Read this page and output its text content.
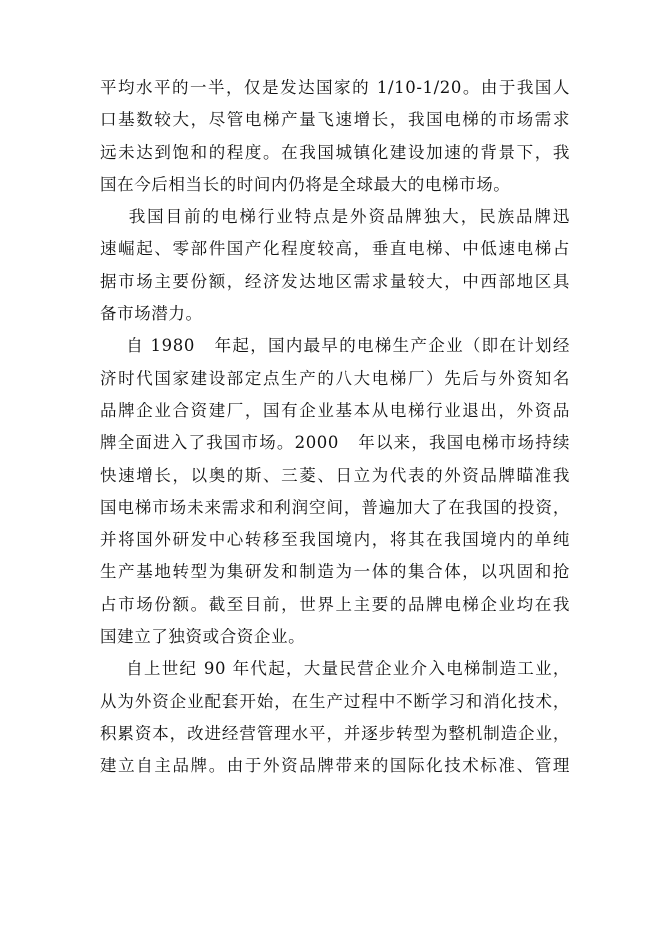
平均水平的一半，仅是发达国家的 1/10-1/20。由于我国人
口基数较大，尽管电梯产量飞速增长，我国电梯的市场需求
远未达到饱和的程度。在我国城镇化建设加速的背景下，我
国在今后相当长的时间内仍将是全球最大的电梯市场。
我国目前的电梯行业特点是外资品牌独大，民族品牌迅
速崛起、零部件国产化程度较高，垂直电梯、中低速电梯占
据市场主要份额，经济发达地区需求量较大，中西部地区具
备市场潜力。
自 1980   年起，国内最早的电梯生产企业（即在计划经
济时代国家建设部定点生产的八大电梯厂）先后与外资知名
品牌企业合资建厂，国有企业基本从电梯行业退出，外资品
牌全面进入了我国市场。2000   年以来，我国电梯市场持续
快速增长，以奥的斯、三菱、日立为代表的外资品牌瞄准我
国电梯市场未来需求和利润空间，普遍加大了在我国的投资，
并将国外研发中心转移至我国境内，将其在我国境内的单纯
生产基地转型为集研发和制造为一体的集合体，以巩固和抢
占市场份额。截至目前，世界上主要的品牌电梯企业均在我
国建立了独资或合资企业。
自上世纪 90 年代起，大量民营企业介入电梯制造工业，
从为外资企业配套开始，在生产过程中不断学习和消化技术，
积累资本，改进经营管理水平，并逐步转型为整机制造企业，
建立自主品牌。由于外资品牌带来的国际化技术标准、管理
